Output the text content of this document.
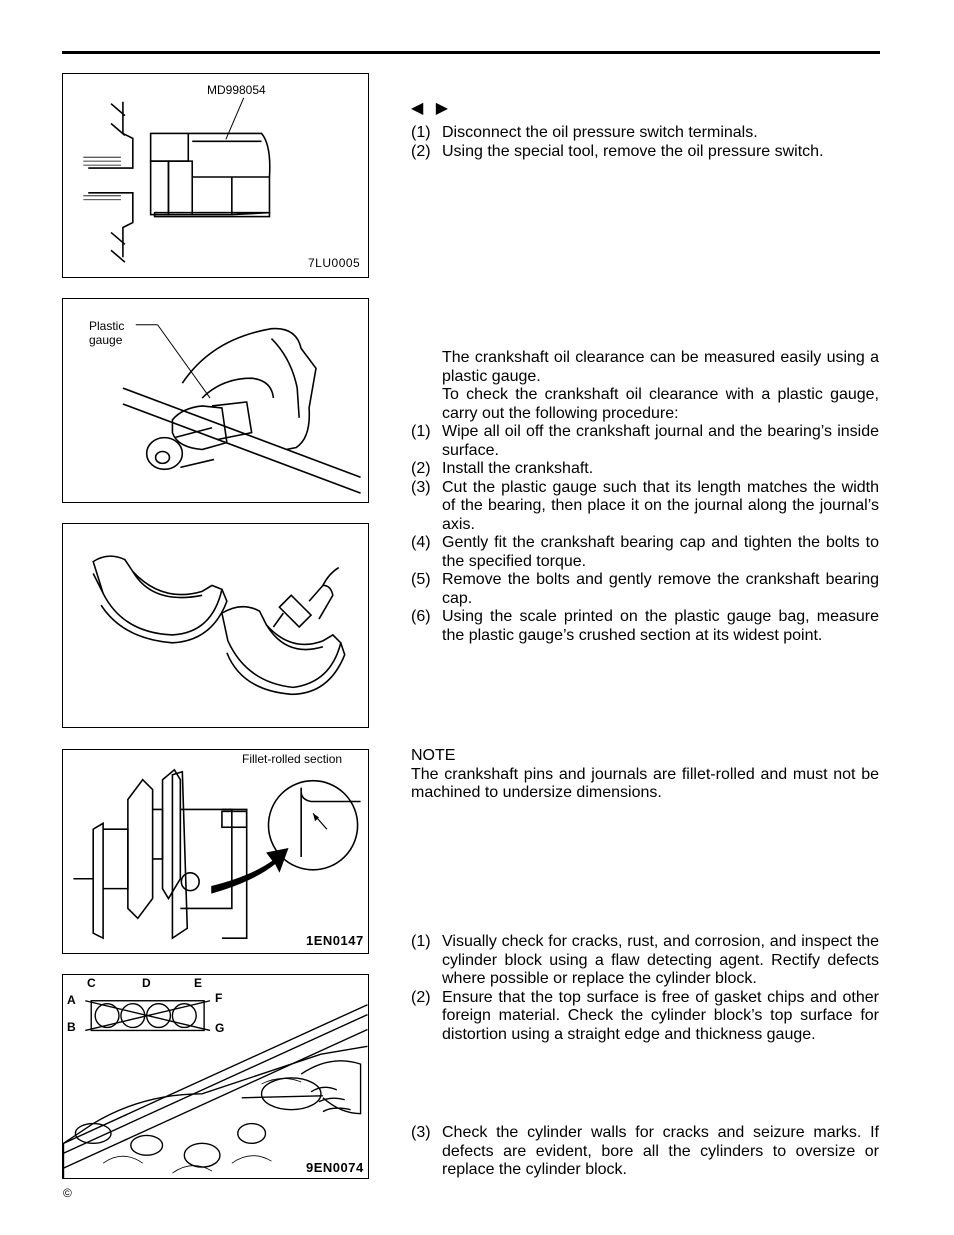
MD998054
7LU0005
Plastic
gauge
Fillet-rolled section
1EN0147
C	D	E
A	F
B	G
9EN0074
◀ ▶
(1) Disconnect the oil pressure switch terminals.
(2) Using the special tool, remove the oil pressure switch.
The crankshaft oil clearance can be measured easily using a plastic gauge.
To check the crankshaft oil clearance with a plastic gauge, carry out the following procedure:
(1) Wipe all oil off the crankshaft journal and the bearing’s inside surface.
(2) Install the crankshaft.
(3) Cut the plastic gauge such that its length matches the width of the bearing, then place it on the journal along the journal’s axis.
(4) Gently fit the crankshaft bearing cap and tighten the bolts to the specified torque.
(5) Remove the bolts and gently remove the crankshaft bearing cap.
(6) Using the scale printed on the plastic gauge bag, measure the plastic gauge’s crushed section at its widest point.
NOTE
The crankshaft pins and journals are fillet-rolled and must not be machined to undersize dimensions.
(1) Visually check for cracks, rust, and corrosion, and inspect the cylinder block using a flaw detecting agent. Rectify defects where possible or replace the cylinder block.
(2) Ensure that the top surface is free of gasket chips and other foreign material. Check the cylinder block’s top surface for distortion using a straight edge and thickness gauge.
(3) Check the cylinder walls for cracks and seizure marks. If defects are evident, bore all the cylinders to oversize or replace the cylinder block.
©
